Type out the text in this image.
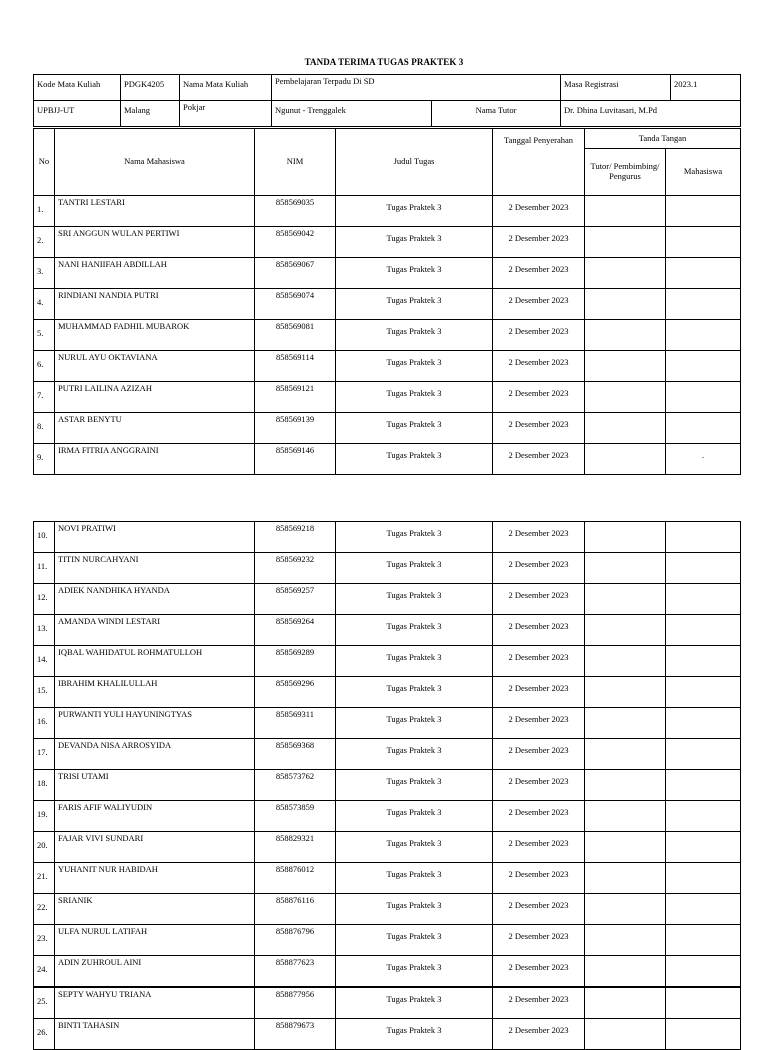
TANDA TERIMA TUGAS PRAKTEK 3
Kode Mata Kuliah	PDGK4205	Nama Mata Kuliah	Pembelajaran Terpadu Di SD		Masa Registrasi	2023.1
UPBJJ-UT	Malang	Pokjar	Ngunut - Trenggalek	Nama Tutor	Dr. Dhina Luvitasari, M.Pd	
No	Nama Mahasiswa	NIM	Judul Tugas	Tanggal Penyerahan	Tanda Tangan	
					Tutor/ Pembimbing/ Pengurus	Mahasiswa
1.	TANTRI LESTARI	858569035	Tugas Praktek 3	2 Desember 2023		
2.	SRI ANGGUN WULAN PERTIWI	858569042	Tugas Praktek 3	2 Desember 2023		
3.	NANI HANIIFAH ABDILLAH	858569067	Tugas Praktek 3	2 Desember 2023		
4.	RINDIANI NANDIA PUTRI	858569074	Tugas Praktek 3	2 Desember 2023		
5.	MUHAMMAD FADHIL MUBAROK	858569081	Tugas Praktek 3	2 Desember 2023		
6.	NURUL AYU OKTAVIANA	858569114	Tugas Praktek 3	2 Desember 2023		
7.	PUTRI LAILINA AZIZAH	858569121	Tugas Praktek 3	2 Desember 2023		
8.	ASTAR BENYTU	858569139	Tugas Praktek 3	2 Desember 2023		
9.	IRMA FITRIA ANGGRAINI	858569146	Tugas Praktek 3	2 Desember 2023		.
10.	NOVI PRATIWI	858569218	Tugas Praktek 3	2 Desember 2023		
11.	TITIN NURCAHYANI	858569232	Tugas Praktek 3	2 Desember 2023		
12.	ADIEK NANDHIKA HYANDA	858569257	Tugas Praktek 3	2 Desember 2023		
13.	AMANDA WINDI LESTARI	858569264	Tugas Praktek 3	2 Desember 2023		
14.	IQBAL WAHIDATUL ROHMATULLOH	858569289	Tugas Praktek 3	2 Desember 2023		
15.	IBRAHIM KHALILULLAH	858569296	Tugas Praktek 3	2 Desember 2023		
16.	PURWANTI YULI HAYUNINGTYAS	858569311	Tugas Praktek 3	2 Desember 2023		
17.	DEVANDA NISA ARROSYIDA	858569368	Tugas Praktek 3	2 Desember 2023		
18.	TRISI UTAMI	858573762	Tugas Praktek 3	2 Desember 2023		
19.	FARIS AFIF WALIYUDIN	858573859	Tugas Praktek 3	2 Desember 2023		
20.	FAJAR VIVI SUNDARI	858829321	Tugas Praktek 3	2 Desember 2023		
21.	YUHANIT NUR HABIDAH	858876012	Tugas Praktek 3	2 Desember 2023		
22.	SRIANIK	858876116	Tugas Praktek 3	2 Desember 2023		
23.	ULFA NURUL LATIFAH	858876796	Tugas Praktek 3	2 Desember 2023		
24.	ADIN ZUHROUL AINI	858877623	Tugas Praktek 3	2 Desember 2023		
25.	SEPTY WAHYU TRIANA	858877956	Tugas Praktek 3	2 Desember 2023		
26.	BINTI TAHASIN	858879673	Tugas Praktek 3	2 Desember 2023		
